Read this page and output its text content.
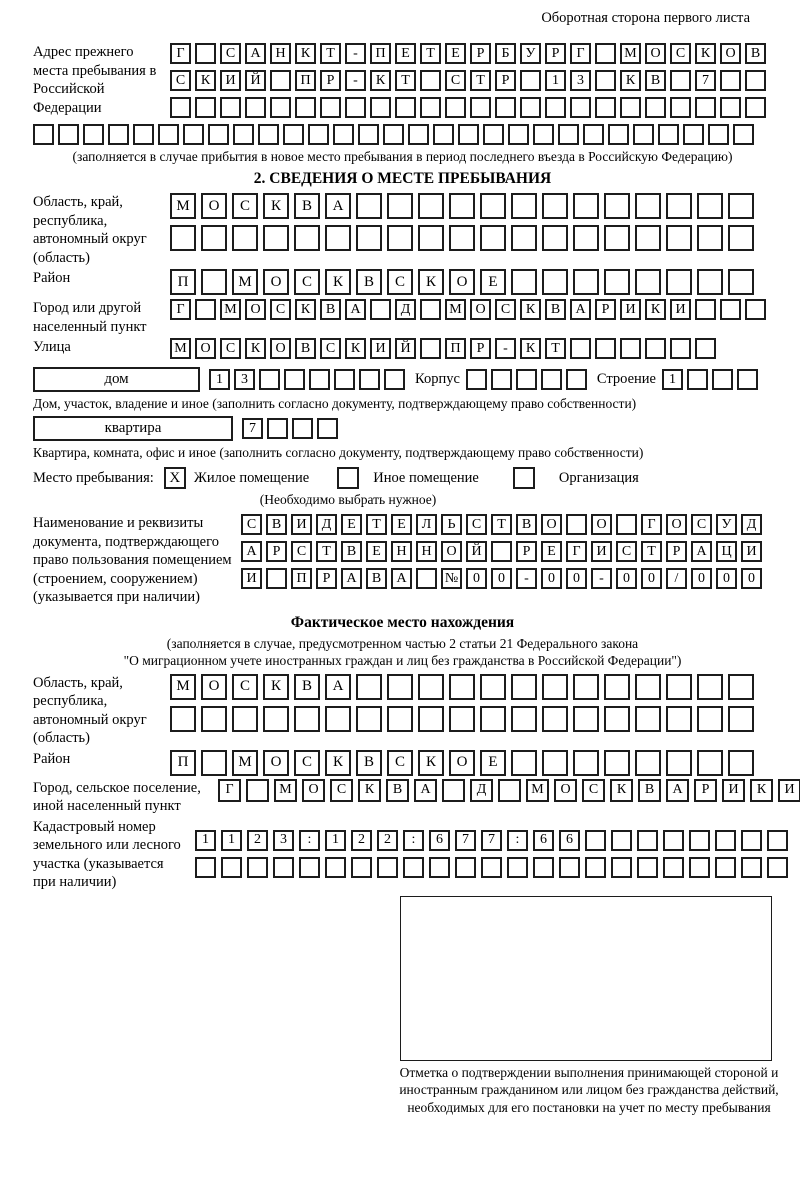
Оборотная сторона первого листа
Адрес прежнего места пребывания в Российской Федерации
Г	С	А	Н	К	Т	-	П	Е	Т	Е	Р	Б	У	Р	Г	М О	С	К	О	В
С	К	И	Й	П	Р	-	К	Т	С	Т	Р	1	3	К	В	7
(заполняется в случае прибытия в новое место пребывания в период последнего въезда в Российскую Федерацию)
2. СВЕДЕНИЯ О МЕСТЕ ПРЕБЫВАНИЯ
Область, край, республика, автономный округ (область)
М	О	С	К	В	А
Район	П	М	О	С	К	В	С	К	О	Е
Город или другой населенный пункт
Г	М О	С	К	В	А	Д	М О	С	К	В	А	Р	И	К	И
Улица	М О	С	К	О	В	С	К	И	Й	П	Р	-	К	Т
дом	1	3	Корпус	Строение 1
Дом, участок, владение и иное (заполнить согласно документу, подтверждающему право собственности)
квартира	7
Квартира, комната, офис и иное (заполнить согласно документу, подтверждающему право собственности)
Место пребывания:	X Жилое помещение	Иное помещение	Организация
(Необходимо выбрать нужное)
Наименование и реквизиты документа, подтверждающего право пользования помещением (строением, сооружением) (указывается при наличии)
С	В	И	Д	Е	Т	Е	Л	Ь	С	Т	В	О	О	Г	О	С	У	Д
А	Р	С	Т	В	Е	Н	Н	О	Й	Р	Е	Г	И	С	Т	Р	А	Ц	И
И	П	Р	А	В	А	№	0	0	-	0	0	-	0	0	/	0	0	0
Фактическое место нахождения
(заполняется в случае, предусмотренном частью 2 статьи 21 Федерального закона
"О миграционном учете иностранных граждан и лиц без гражданства в Российской Федерации")
Область, край, республика, автономный округ (область)
М	О	С	К	В	А
Район	П	М	О	С	К	В	С	К	О	Е
Город, сельское поселение, иной населенный пункт
Г	М	О	С	К	В	А	Д	М	О	С	К	В	А	Р	И	К	И
Кадастровый номер земельного или лесного участка (указывается при наличии)
1	1	2	3	:	1	2	2	:	6	7	7	:	6	6
Отметка о подтверждении выполнения принимающей стороной и иностранным гражданином или лицом без гражданства действий, необходимых для его постановки на учет по месту пребывания
